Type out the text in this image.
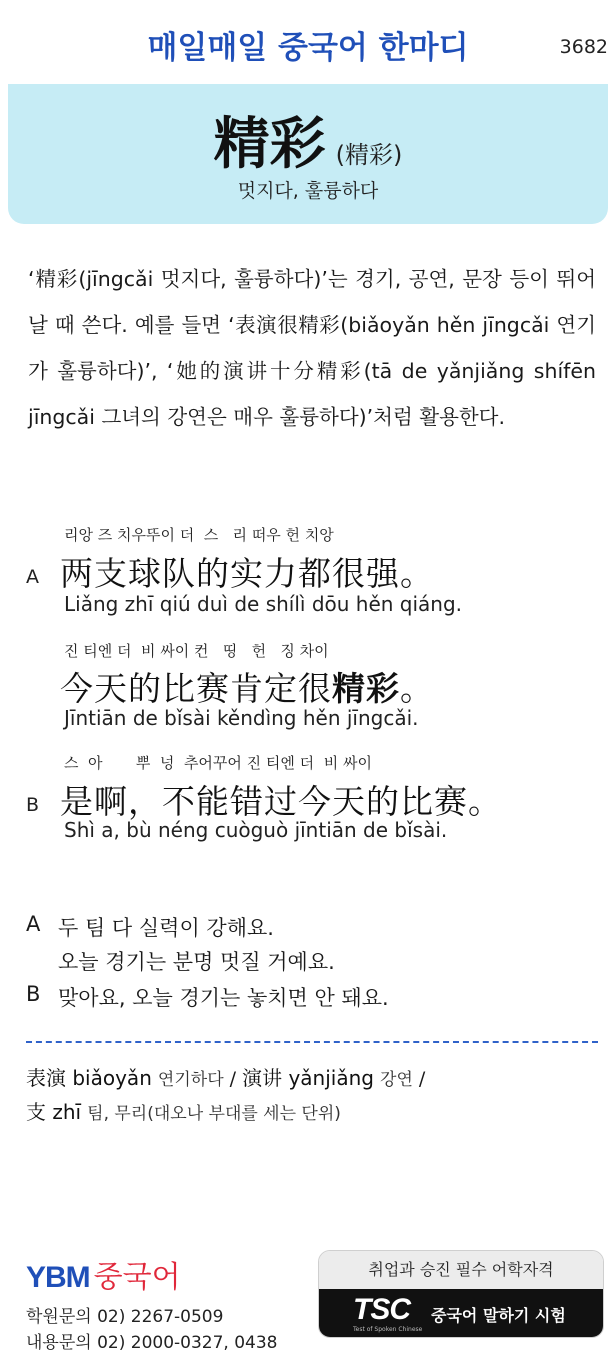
매일매일 중국어 한마디	3682
精彩 (精彩)
멋지다, 훌륭하다
‘精彩(jīngcǎi 멋지다, 훌륭하다)’는 경기, 공연, 문장 등이 뛰어날 때 쓴다. 예를 들면 ‘表演很精彩(biǎoyǎn hěn jīngcǎi 연기가 훌륭하다)’, ‘她的演讲十分精彩(tā de yǎnjiǎng shífēn jīngcǎi 그녀의 강연은 매우 훌륭하다)’처럼 활용한다.
리앙 즈 치우뚜이 더  스   리 떠우 헌 치앙
A 两支球队的实力都很强。
Liǎng zhī qiú duì de shílì dōu hěn qiáng.
진 티엔 더  비 싸이 컨   띵   헌   징 차이
今天的比赛肯定很精彩。
Jīntiān de bǐsài kěndìng hěn jīngcǎi.
스  아       뿌  넝  추어꾸어 진 티엔 더  비 싸이
B 是啊，不能错过今天的比赛。
Shì a, bù néng cuòguò jīntiān de bǐsài.
A 두 팀 다 실력이 강해요.
오늘 경기는 분명 멋질 거예요.
B 맞아요, 오늘 경기는 놓치면 안 돼요.
表演 biǎoyǎn 연기하다 / 演讲 yǎnjiǎng 강연 /
支 zhī 팀, 무리(대오나 부대를 세는 단위)
YBM 중국어
학원문의 02) 2267-0509
내용문의 02) 2000-0327, 0438
취업과 승진 필수 어학자격
TSC
Test of Spoken Chinese
중국어 말하기 시험
